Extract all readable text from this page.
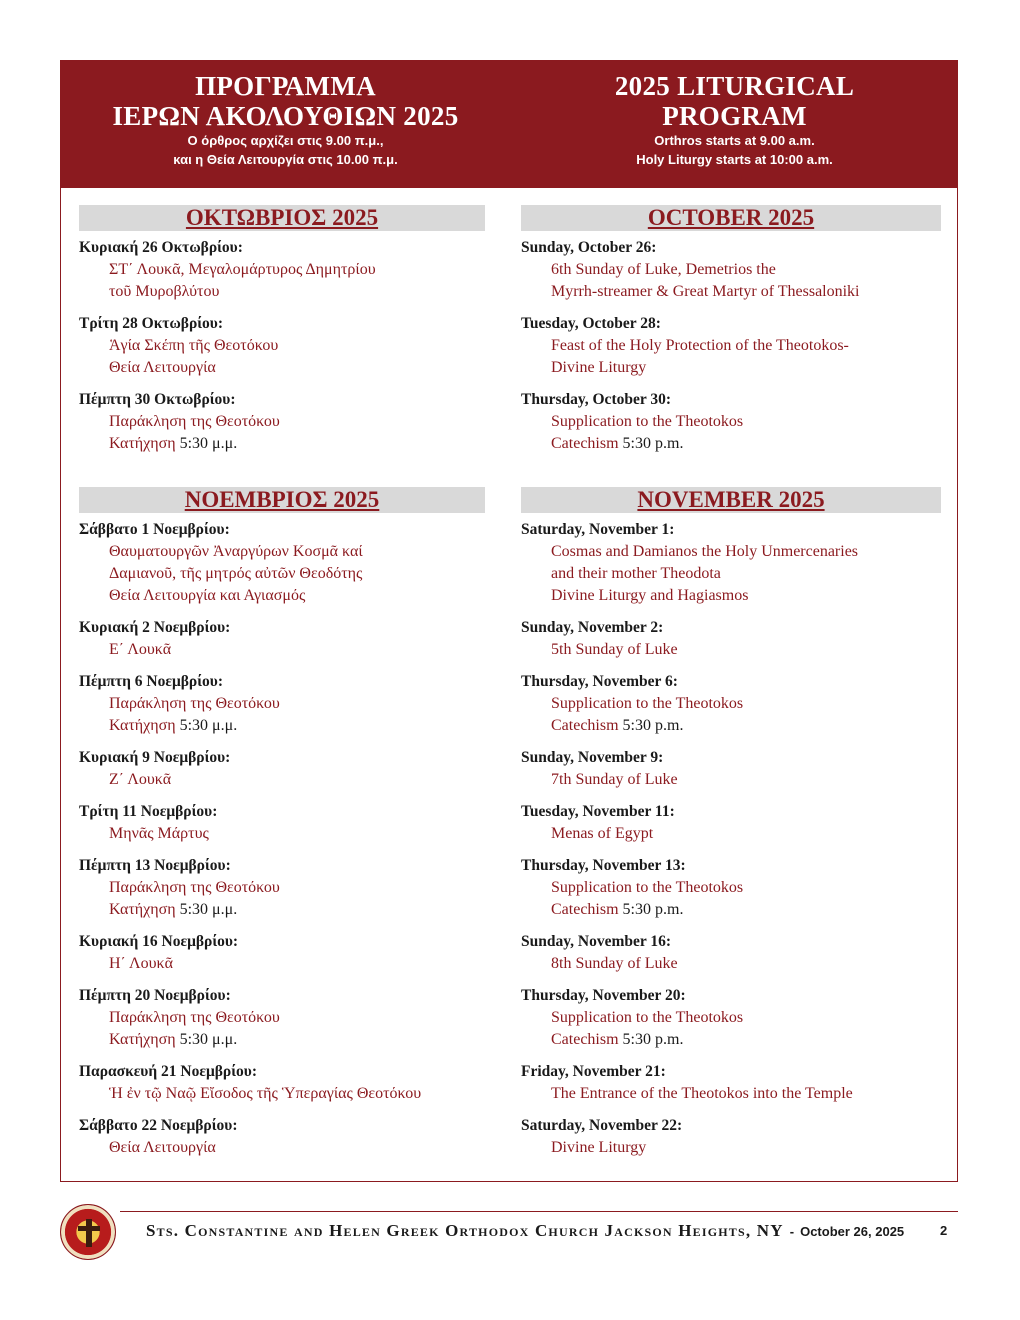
ΠΡΟΓΡΑΜΜΑ
ΙΕΡΩΝ ΑΚΟΛΟΥΘΙΩΝ 2025
Ο όρθρος αρχίζει στις 9.00 π.μ.,
και η Θεία Λειτουργία στις 10.00 π.μ.
2025 LITURGICAL
PROGRAM
Orthros starts at 9.00 a.m.
Holy Liturgy starts at 10:00 a.m.
ΟΚΤΩΒΡΙΟΣ 2025
Κυριακή 26 Οκτωβρίου:
ΣΤ΄ Λουκᾶ, Μεγαλομάρτυρος Δημητρίου
τοῦ Μυροβλύτου
Τρίτη 28 Οκτωβρίου:
Ἁγία Σκέπη τῆς Θεοτόκου
Θεία Λειτουργία
Πέμπτη 30 Οκτωβρίου:
Παράκληση της Θεοτόκου
Κατήχηση 5:30 μ.μ.
ΝΟΕΜΒΡΙΟΣ 2025
Σάββατο 1 Νοεμβρίου:
Θαυματουργῶν Ἀναργύρων Κοσμᾶ καί
Δαμιανοῦ, τῆς μητρός αὐτῶν Θεοδότης
Θεία Λειτουργία και Αγιασμός
Κυριακή 2 Νοεμβρίου:
Ε΄ Λουκᾶ
Πέμπτη 6 Νοεμβρίου:
Παράκληση της Θεοτόκου
Κατήχηση 5:30 μ.μ.
Κυριακή 9 Νοεμβρίου:
Ζ΄ Λουκᾶ
Τρίτη 11 Νοεμβρίου:
Μηνᾶς Μάρτυς
Πέμπτη 13 Νοεμβρίου:
Παράκληση της Θεοτόκου
Κατήχηση 5:30 μ.μ.
Κυριακή 16 Νοεμβρίου:
Η΄ Λουκᾶ
Πέμπτη 20 Νοεμβρίου:
Παράκληση της Θεοτόκου
Κατήχηση 5:30 μ.μ.
Παρασκευή 21 Νοεμβρίου:
Ἡ ἐν τῷ Ναῷ Εἴσοδος τῆς Ὑπεραγίας Θεοτόκου
Σάββατο 22 Νοεμβρίου:
Θεία Λειτουργία
OCTOBER 2025
Sunday, October 26:
6th Sunday of Luke, Demetrios the
Myrrh-streamer & Great Martyr of Thessaloniki
Tuesday, October 28:
Feast of the Holy Protection of the Theotokos-
Divine Liturgy
Thursday, October 30:
Supplication to the Theotokos
Catechism 5:30 p.m.
NOVEMBER 2025
Saturday, November 1:
Cosmas and Damianos the Holy Unmercenaries
and their mother Theodota
Divine Liturgy and Hagiasmos
Sunday, November 2:
5th Sunday of Luke
Thursday, November 6:
Supplication to the Theotokos
Catechism 5:30 p.m.
Sunday, November 9:
7th Sunday of Luke
Tuesday, November 11:
Menas of Egypt
Thursday, November 13:
Supplication to the Theotokos
Catechism 5:30 p.m.
Sunday, November 16:
8th Sunday of Luke
Thursday, November 20:
Supplication to the Theotokos
Catechism 5:30 p.m.
Friday, November 21:
The Entrance of the Theotokos into the Temple
Saturday, November 22:
Divine Liturgy
Sts. Constantine and Helen Greek Orthodox Church Jackson Heights, NY - October 26, 2025	2
